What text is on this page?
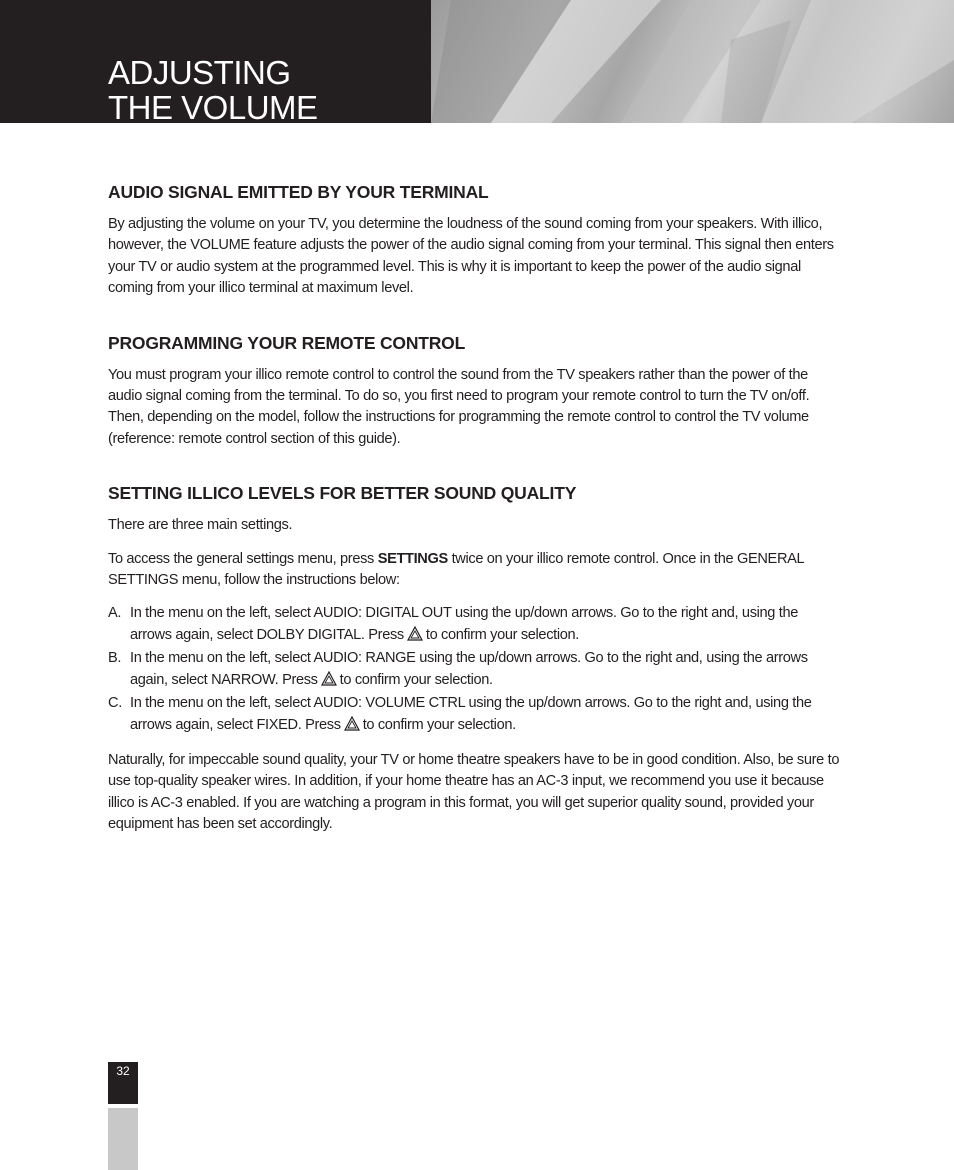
ADJUSTING
THE VOLUME
AUDIO SIGNAL EMITTED BY YOUR TERMINAL

By adjusting the volume on your TV, you determine the loudness of the sound coming from your speakers. With illico, however, the VOLUME feature adjusts the power of the audio signal coming from your terminal. This signal then enters your TV or audio system at the programmed level. This is why it is important to keep the power of the audio signal coming from your illico terminal at maximum level.

PROGRAMMING YOUR REMOTE CONTROL

You must program your illico remote control to control the sound from the TV speakers rather than the power of the audio signal coming from the terminal. To do so, you first need to program your remote control to turn the TV on/off. Then, depending on the model, follow the instructions for programming the remote control to control the TV volume (reference: remote control section of this guide).

SETTING ILLICO LEVELS FOR BETTER SOUND QUALITY

There are three main settings.

To access the general settings menu, press SETTINGS twice on your illico remote control. Once in the GENERAL SETTINGS menu, follow the instructions below:

A. In the menu on the left, select AUDIO: DIGITAL OUT using the up/down arrows. Go to the right and, using the arrows again, select DOLBY DIGITAL. Press to confirm your selection.
B. In the menu on the left, select AUDIO: RANGE using the up/down arrows. Go to the right and, using the arrows again, select NARROW. Press to confirm your selection.
C. In the menu on the left, select AUDIO: VOLUME CTRL using the up/down arrows. Go to the right and, using the arrows again, select FIXED. Press to confirm your selection.

Naturally, for impeccable sound quality, your TV or home theatre speakers have to be in good condition. Also, be sure to use top-quality speaker wires. In addition, if your home theatre has an AC-3 input, we recommend you use it because illico is AC-3 enabled. If you are watching a program in this format, you will get superior quality sound, provided your equipment has been set accordingly.

32
